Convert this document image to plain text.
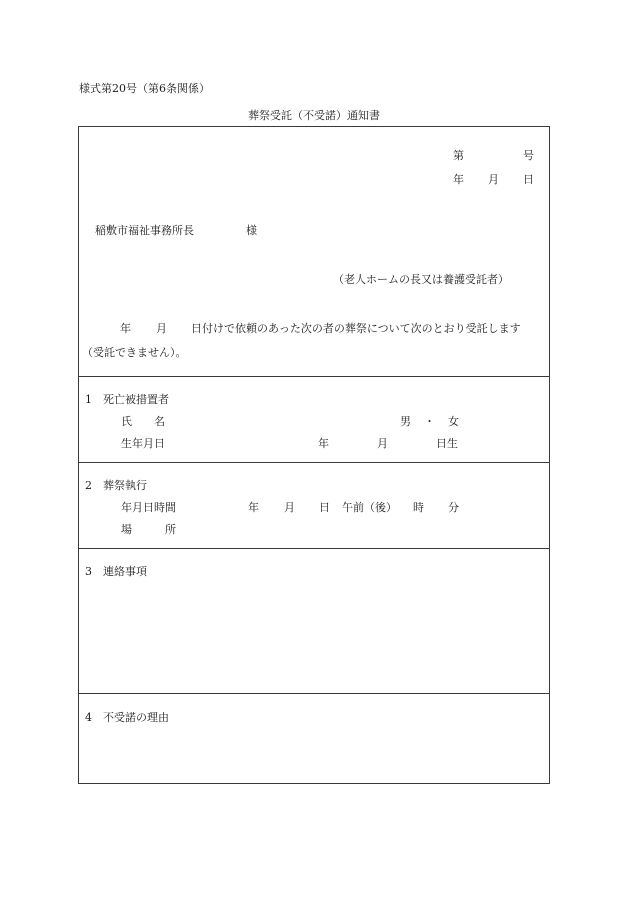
様式第20号（第6条関係）
葬祭受託（不受諾）通知書
第	号
年 月 日
稲敷市福祉事務所長	様
（老人ホームの長又は養護受託者）
年 月 日付けで依頼のあった次の者の葬祭について次のとおり受託します
（受託できません）。
1　死亡被措置者
氏　　名	男 ・ 女
生年月日	年	月	日生
2　葬祭執行
年月日時間	年 月 日 午前（後） 時 分
場　　　所
3　連絡事項
4　不受諾の理由
